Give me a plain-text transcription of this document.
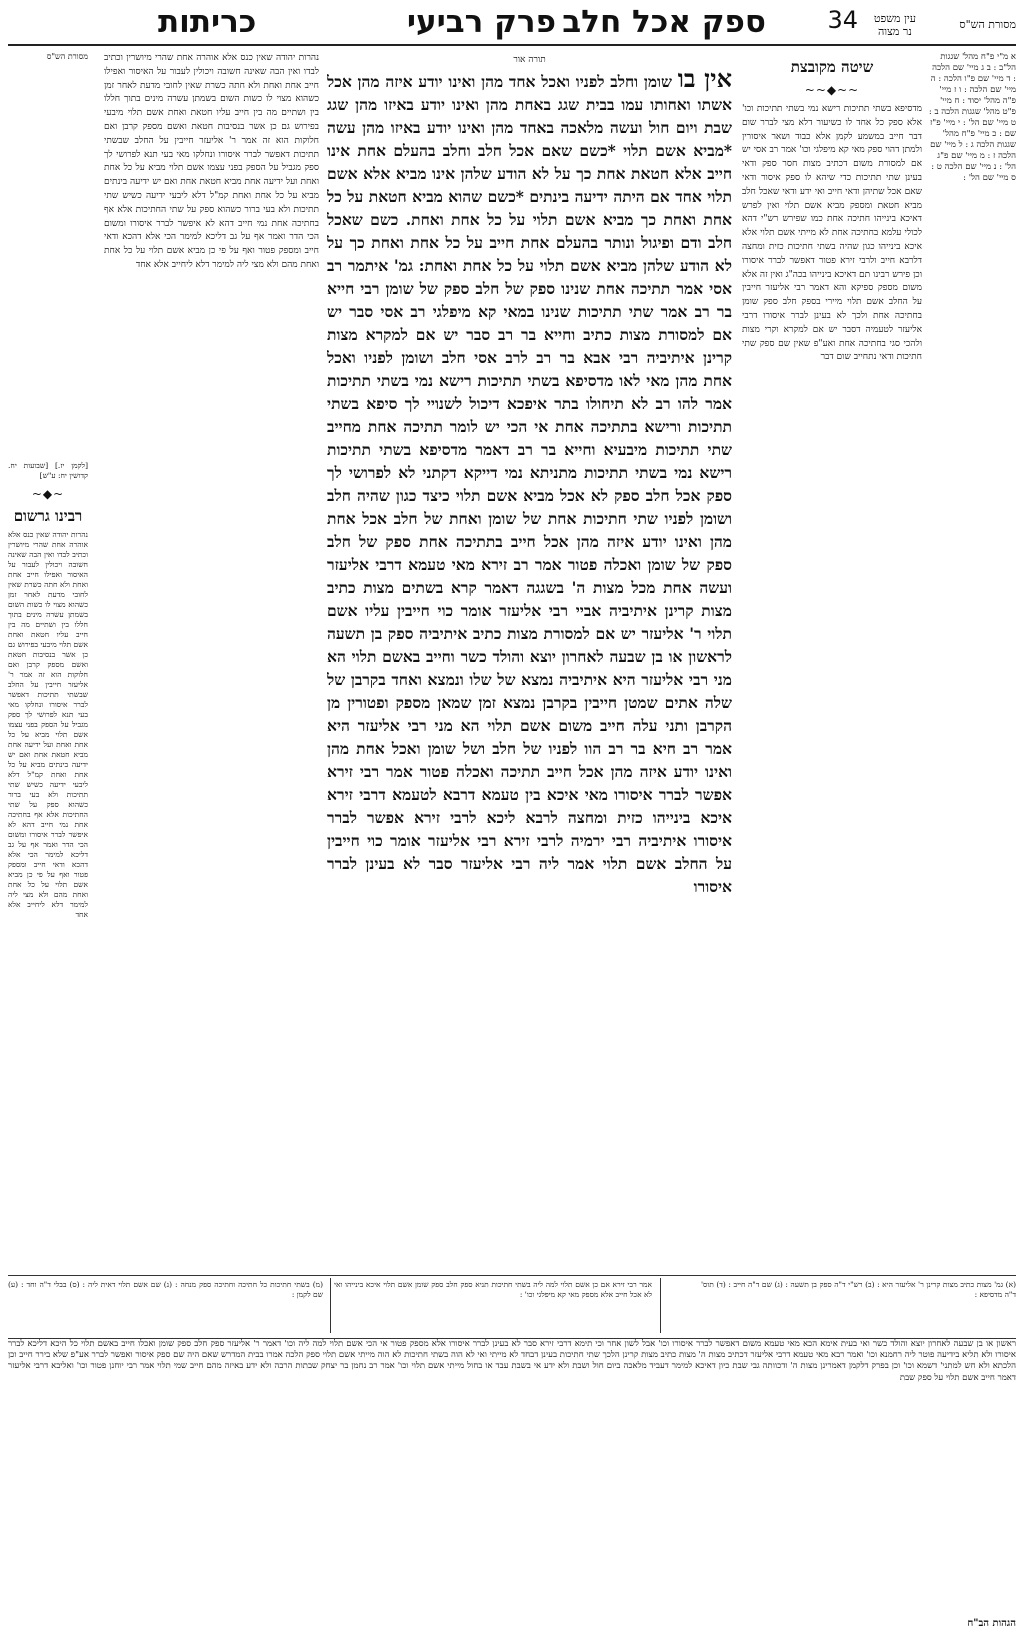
מסורת הש"ס
עין משפט
נר מצוה
34
ספק אכל חלב
פרק רביעי
כריתות
א מ"י פ"ח מהל' שגגות הל"ב : ב ג מיי' שם הלכה : ד מיי' שם פ"ו הלכה : ה מיי' שם הלכה : ו ז מיי' פ"ה מהל' יסוד : ח מיי' פ"ט מהל' שגגות הלכה ב : ט מיי' שם הל' : י מיי' פ"ז שם : כ מיי' פ"ח מהל' שגגות הלכה ג : ל מיי' שם הלכה ז : מ מיי' שם פ"ג הל' : נ מיי' שם הלכה ט : ס מיי' שם הל' :
שיטה מקובצת
~~◆~~
מדסיפא בשתי תתיכות רישא נמי בשתי תתיכות וכו' אלא ספק כל אחד לו כשיעור דלא מצי לברר שום דבר חייב במשמע לקמן אלא כבוד ושאר איסורין ולמתן דהוי ספק מאי קא מיפלגי וכו' אמר רב אסי יש אם למסורת משום דכתיב מצות חסר ספק ודאי בעינן שתי תתיכות כדי שיהא לו ספק איסור ודאי שאם אכל שתיהן ודאי חייב ואי ידע ודאי שאכל חלב מביא חטאת ומספק מביא אשם תלוי ואין לפרש דאיכא בינייהו חתיכה אחת כמו שפירש רש"י דהא לכולי עלמא בחתיכה אחת לא מייתי אשם תלוי אלא איכא בינייהו כגון שהיה בשתי חתיכות כזית ומחצה דלרבא חייב ולרבי זירא פטור דאפשר לברר איסורו וכן פירש רבינו תם דאיכא בינייהו בכה"ג ואין זה אלא משום מספק ספיקא והא דאמר רבי אליעזר חייבין על החלב אשם תלוי מיירי בספק חלב ספק שומן בחתיכה אחת ולכך לא בעינן לברר איסורו דרבי אליעזר לטעמיה דסבר יש אם למקרא וקרי מצות ולהכי סגי בחתיכה אחת ואע"פ שאין שם ספק שתי חתיכות ודאי נתחייב שום דבר
תורה אור
אין בו שומן וחלב לפניו ואכל אחד מהן ואינו יודע איזה מהן אכל אשתו ואחותו עמו בבית שגג באחת מהן ואינו יודע באיזו מהן שגג שבת ויום חול ועשה מלאכה באחד מהן ואינו יודע באיזו מהן עשה *מביא אשם תלוי *כשם שאם אכל חלב וחלב בהעלם אחת אינו חייב אלא חטאת אחת כך על לא הודע שלהן אינו מביא אלא אשם תלוי אחד אם היתה ידיעה בינתים *כשם שהוא מביא חטאת על כל אחת ואחת כך מביא אשם תלוי על כל אחת ואחת. כשם שאכל חלב ודם ופיגול ונותר בהעלם אחת חייב על כל אחת ואחת כך על לא הודע שלהן מביא אשם תלוי על כל אחת ואחת: גמ' איתמר רב אסי אמר תתיכה אחת שנינו ספק של חלב ספק של שומן רבי חייא בר רב אמר שתי תתיכות שנינו במאי קא מיפלגי רב אסי סבר יש אם למסורת מצות כתיב וחייא בר רב סבר יש אם למקרא מצות קרינן איתיביה רבי אבא בר רב לרב אסי חלב ושומן לפניו ואכל אחת מהן מאי לאו מדסיפא בשתי תתיכות רישא נמי בשתי תתיכות אמר להו רב לא תיחולו בתר איפכא דיכול לשנויי לך סיפא בשתי תתיכות ורישא בתתיכה אחת אי הכי יש לומר תתיכה אחת מחייב שתי תתיכות מיבעיא וחייא בר רב דאמר מדסיפא בשתי תתיכות רישא נמי בשתי תתיכות מתניתא נמי דייקא דקתני לא לפרושי לך ספק אכל חלב ספק לא אכל מביא אשם תלוי כיצד כגון שהיה חלב ושומן לפניו שתי חתיכות אחת של שומן ואחת של חלב אכל אחת מהן ואינו יודע איזה מהן אכל חייב בתתיכה אחת ספק של חלב ספק של שומן ואכלה פטור אמר רב זירא מאי טעמא דרבי אליעזר ועשה אחת מכל מצות ה' בשגגה דאמר קרא בשתים מצות כתיב מצות קרינן איתיביה אביי רבי אליעזר אומר כוי חייבין עליו אשם תלוי ר' אליעזר יש אם למסורת מצות כתיב איתיביה ספק בן תשעה לראשון או בן שבעה לאחרון יוצא והולד כשר וחייב באשם תלוי הא מני רבי אליעזר היא איתיביה נמצא של שלו ונמצא ואחד בקרבן של שלה אתים שמטן חייבין בקרבן נמצא זמן שמאן מספק ופטורין מן הקרבן ותני עלה חייב משום אשם תלוי הא מני רבי אליעזר היא אמר רב חיא בר רב הוו לפניו של חלב ושל שומן ואכל אחת מהן ואינו יודע איזה מהן אכל חייב תתיכה ואכלה פטור אמר רבי זירא אפשר לברר איסורו מאי איכא בין טעמא דרבא לטעמא דרבי זירא איכא בינייהו כזית ומחצה לרבא ליכא לרבי זירא אפשר לברר איסורו איתיביה רבי ירמיה לרבי זירא רבי אליעזר אומר כוי חייבין על החלב אשם תלוי אמר ליה רבי אליעזר סבר לא בעינן לברר איסורו
נהרות יהודה שאין כנס אלא אוהרה אחת שהרי מיושרין וכתיב לבדו ואין הבה שאינה חשובה ויכולין לעבור על האיסור ואפילו חייב אחת ואחת ולא חתה כשרת שאין לחובי מדעת לאחר זמן כשהוא מצוי לו כשות השום בשמתן עשרה מינים בתוך חללו בין ושתיים מה בין חייב עליו חטאת ואחת אשם תלוי מיבעי בפירוש גם כן אשר בנסיבות חטאת ואשם מספק קרבן ואם חלוקות הוא זה אמר ר' אליעזר חייבין על החלב שבשתי תתיכות דאפשר לברר איסורו ונחלקו מאי בעי תנא לפרושי לך ספק מגביל על הספק בפני עצמו אשם תלוי מביא על כל אחת ואחת ועל ידיעה אחת מביא חטאת אחת ואם יש ידיעה בינתים מביא על כל אחת ואחת קמ"ל דלא ליבעי ידיעה כשיש שתי תתיכות ולא בעי ברור כשהוא ספק על שתי החתיכות אלא אף בחתיכה אחת נמי חייב דהא לא איפשר לברר איסורו ומשום הכי הדר ואמר אף על גב דליכא למימר הכי אלא דהכא ודאי חייב ומספק פטור ואף על פי כן מביא אשם תלוי על כל אחת ואחת מהם ולא מצי ליה למימר דלא ליחייב אלא אחד
מסורת הש"ס
[לקמן יז.] [שבועות יח. קדושין יח: ע"ש]
~◆~
רבינו גרשום
נהרות יהודה שאין כנס אלא אוהרה אחת שהרי מיושרין וכתיב לבדו ואין הבה שאינה חשובה ויכולין לעבור על האיסור ואפילו חייב אחת ואחת ולא חתה כשרת שאין לחובי מדעת לאחר זמן כשהוא מצוי לו כשות השום בשמתן עשרה מינים בתוך חללו בין ושתיים מה בין חייב עליו חטאת ואחת אשם תלוי מיבעי בפירוש גם כן אשר בנסיבות חטאת ואשם מספק קרבן ואם חלוקות הוא זה אמר ר' אליעזר חייבין על החלב שבשתי תתיכות דאפשר לברר איסורו ונחלקו מאי בעי תנא לפרושי לך ספק מגביל על הספק בפני עצמו אשם תלוי מביא על כל אחת ואחת ועל ידיעה אחת מביא חטאת אחת ואם יש ידיעה בינתים מביא על כל אחת ואחת קמ"ל דלא ליבעי ידיעה כשיש שתי תתיכות ולא בעי ברור כשהוא ספק על שתי החתיכות אלא אף בחתיכה אחת נמי חייב דהא לא איפשר לברר איסורו ומשום הכי הדר ואמר אף על גב דליכא למימר הכי אלא דהכא ודאי חייב ומספק פטור ואף על פי כן מביא אשם תלוי על כל אחת ואחת מהם ולא מצי ליה למימר דלא ליחייב אלא אחד
(א) גמ' מצות כתיב מצות קרינן ר' אליעזר היא : (ב) רש"י ד"ה ספק בן תשעה : (ג) שם ד"ה חייב : (ד) תוס' ד"ה מדסיפא :
אמר רבי זירא אם כן אשם תלוי למה ליה בשתי חתיכות תניא ספק חלב ספק שומן אשם תלוי איכא בינייהו ואי לא אכל חייב אלא מספק מאי קא מיפלגי וכו' :
(מ) בשתי חתיכות כל חתיכה וחתיכה ספק מנחה : (נ) שם אשם תלוי דאית ליה : (ס) בבלי ד"ה וחד : (ע) שם לקמן :
ראשון או בן שבעה לאחרון יוצא והולד כשר ואי בעית אימא הכא מאי טעמא משום דאפשר לברר איסורו וכו' אבל לשון אחר וכי תימא דרבי זירא סבר לא בעינן לברר איסורו אלא מספק פטור אי הכי אשם תלוי למה ליה וכו' דאמר ר' אליעזר ספק חלב ספק שומן ואכלו חייב באשם תלוי כל היכא דליכא לברר איסורו ולא תליא בידיעה פוטר ליה רחמנא וכו' ואמר רבא מאי טעמא דרבי אליעזר דכתיב מצות ה' מצות כתיב מצות קרינן הלכך שתי חתיכות בעינן דבחד לא מייתי ואי לא הוה בשתי חתיכות לא הוה מייתי אשם תלוי ספק הלכה אמרו בבית המדרש שאם היה שם ספק איסור ואפשר לברר אע"פ שלא בירר חייב וכן הלכתא ולא חש למתני' דשמא וכו' וכן בפרק דלקמן דאמרינן מצות ה' ודכוותה גבי שבת כיון דאיכא למימר דעביד מלאכה ביום חול ושבת ולא ידע אי בשבת עבד או בחול מייתי אשם תלוי וכו' אמר רב נחמן בר יצחק שבתות הרבה ולא ידע באיזה מהם חייב שמי תלוי אמר רבי יוחנן פטור וכו' ואליבא דרבי אליעזר דאמר חייב אשם תלוי על ספק שבת
הגהות הב"ח
